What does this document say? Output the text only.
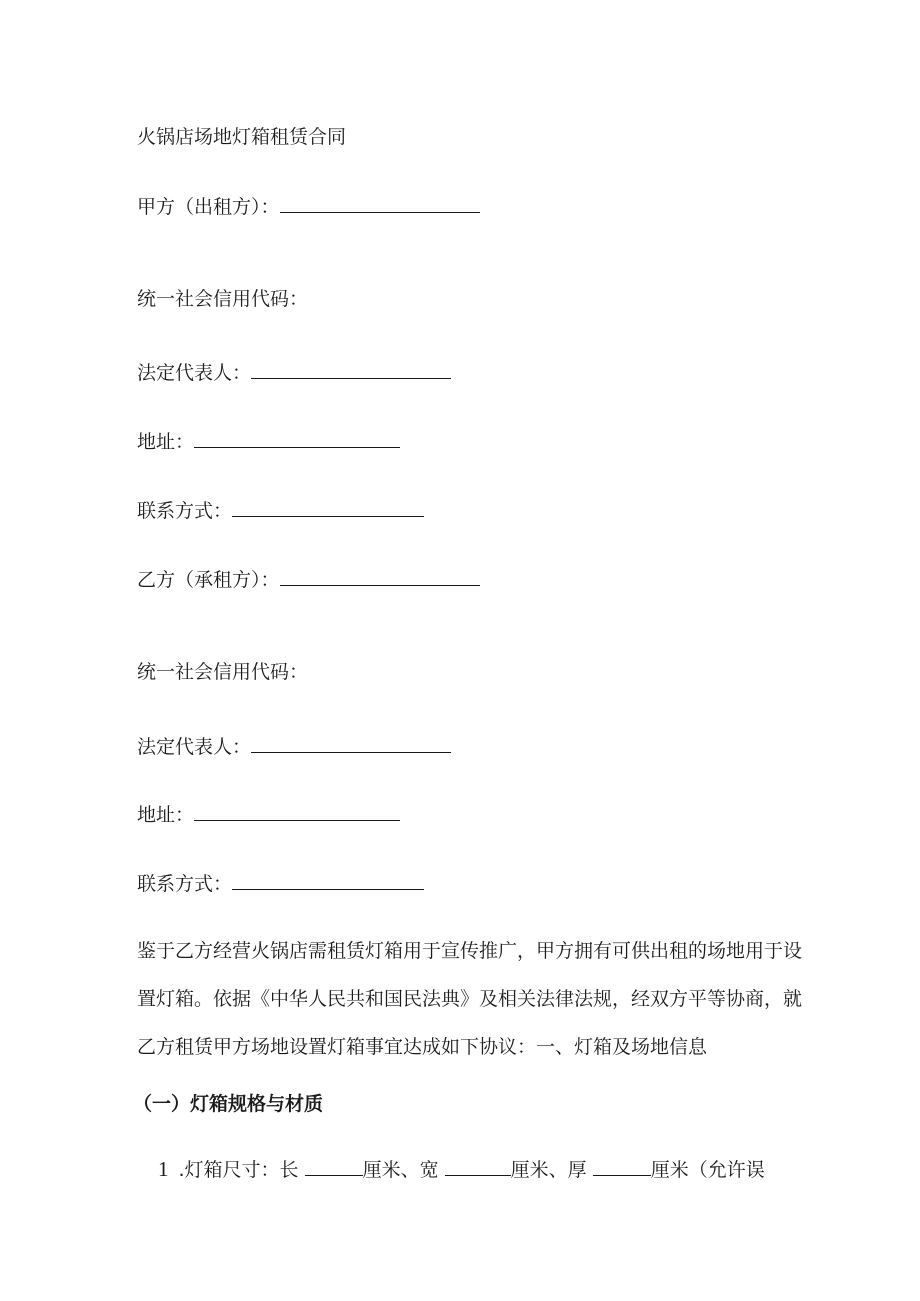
火锅店场地灯箱租赁合同
甲方（出租方）：
统一社会信用代码：
法定代表人：
地址：
联系方式：
乙方（承租方）：
统一社会信用代码：
法定代表人：
地址：
联系方式：

鉴于乙方经营火锅店需租赁灯箱用于宣传推广，甲方拥有可供出租的场地用于设

置灯箱。依据《中华人民共和国民法典》及相关法律法规，经双方平等协商，就

乙方租赁甲方场地设置灯箱事宜达成如下协议：一、灯箱及场地信息

（一）灯箱规格与材质
1 .灯箱尺寸：长	厘米、宽	厘米、厚	厘米（允许误
